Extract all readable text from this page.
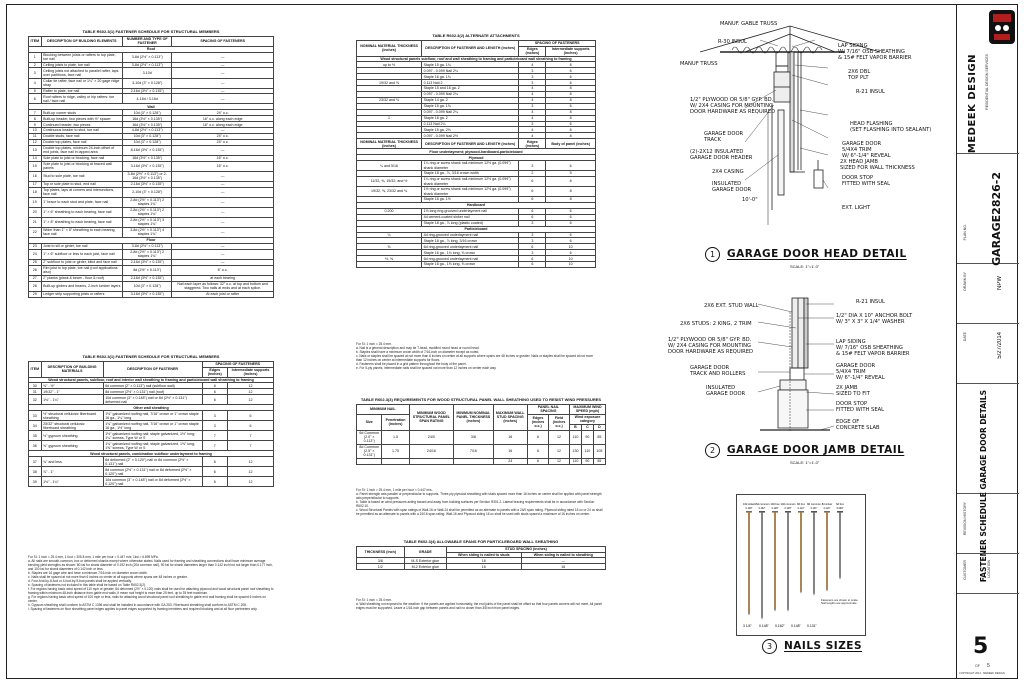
TABLE R602.3(1) FASTENER SCHEDULE FOR STRUCTURAL MEMBERS
ITEM	DESCRIPTION OF BUILDING ELEMENTS	NUMBER AND TYPE OF FASTENER	SPACING OF FASTENERS
Roof			
1	Blocking between joists or rafters to top plate, toe nail	3-8d (2½" × 0.113")	—
2	Ceiling joists to plate, toe nail	3-8d (2½" × 0.113")	—
3	Ceiling joists not attached to parallel rafter, laps over partitions, face nail	3-10d	—
4	Collar tie rafter, face nail or 1¼" × 20 gage ridge strap	3-10d (3" × 0.128")	—
5	Rafter to plate, toe nail	2-16d (3½" × 0.135")	—
6	Roof rafters to ridge, valley or hip rafters: toe nail / face nail	4-16d / 3-16d	—
Wall			
7	Built-up corner studs	10d (3" × 0.128")	24" o.c.
8	Built-up header, two pieces with ½" spacer	16d (3½" × 0.135")	16" o.c. along each edge
9	Continued header, two pieces	16d (3½" × 0.135")	16" o.c. along each edge
10	Continuous header to stud, toe nail	4-8d (2½" × 0.113")	—
11	Double studs, face nail	10d (3" × 0.128")	24" o.c.
12	Double top plates, face nail	10d (3" × 0.128")	24" o.c.
13	Double top plates, minimum 24-inch offset of end joints, face nail in lapped area	8-16d (3½" × 0.135")	—
14	Sole plate to joist or blocking, face nail	16d (3½" × 0.135")	16" o.c.
15	Sole plate to joist or blocking at braced wall panels	3-16d (3½" × 0.135")	16" o.c.
16	Stud to sole plate, toe nail	3-8d (2½" × 0.113") or 2-16d (3½" × 0.135")	—
17	Top or sole plate to stud, end nail	2-16d (3½" × 0.135")	—
18	Top plates, laps at corners and intersections, face nail	2-10d (3" × 0.128")	—
19	1" brace to each stud and plate, face nail	2-8d (2½" × 0.113") 2 staples 1¾"	—
20	1" × 6" sheathing to each bearing, face nail	2-8d (2½" × 0.113") 2 staples 1¾"	—
21	1" × 8" sheathing to each bearing, face nail	2-8d (2½" × 0.113") 3 staples 1¾"	—
22	Wider than 1" × 8" sheathing to each bearing, face nail	3-8d (2½" × 0.113") 4 staples 1¾"	—
Floor			
23	Joist to sill or girder, toe nail	3-8d (2½" × 0.113")	—
24	1" × 6" subfloor or less to each joist, face nail	2-8d (2½" × 0.113") 2 staples 1¾"	—
25	2" subfloor to joist or girder, blind and face nail	2-16d (3½" × 0.135")	—
26	Rim joist to top plate, toe nail (roof applications also)	8d (2½" × 0.113")	6" o.c.
27	2" planks (plank & beam - floor & roof)	2-16d (3½" × 0.135")	at each bearing
28	Built-up girders and beams, 2-inch lumber layers	10d (3" × 0.128")	Nail each layer as follows: 32" o.c. at top and bottom and staggered. Two nails at ends and at each splice.
29	Ledger strip supporting joists or rafters	3-16d (3½" × 0.135")	At each joist or rafter
TABLE R602.3(1) FASTENER SCHEDULE FOR STRUCTURAL MEMBERS
ITEM	DESCRIPTION OF BUILDING MATERIALS	DESCRIPTION OF FASTENER	SPACING OF FASTENERS	
			Edges (inches)	Intermediate supports (inches)
Wood structural panels, subfloor, roof and interior wall sheathing to framing and particleboard wall sheathing to framing				
30	⅜" - ½"	6d common (2" × 0.113") nail (subfloor wall)	6	12
31	19/32" - 1"	8d common (2½" × 0.131") nail (roof)	6	12
32	1⅛" - 1¼"	10d common (3" × 0.148") nail or 8d (2½" × 0.131") deformed nail	6	12
Other wall sheathing				
33	½" structural cellulosic fiberboard sheathing	1½" galvanized roofing nail, 7/16" crown or 1" crown staple 16 ga., 1¼" long	3	6
34	25/32" structural cellulosic fiberboard sheathing	1¾" galvanized roofing nail, 7/16" crown or 1" crown staple 16 ga., 1½" long	3	6
35	½" gypsum sheathing	1½" galvanized roofing nail; staple galvanized, 1½" long; 1¼" screws, Type W or S	7	7
36	⅝" gypsum sheathing	1¾" galvanized roofing nail; staple galvanized, 1⅝" long; 1⅝" screws, Type W or S	7	7
Wood structural panels, combination subfloor underlayment to framing				
37	¾" and less	6d deformed (2" × 0.120") nail or 8d common (2½" × 0.131") nail	6	12
38	⅞" - 1"	8d common (2½" × 0.131") nail or 8d deformed (2½" × 0.120") nail	6	12
39	1⅛" - 1¼"	10d common (3" × 0.148") nail or 8d deformed (2½" × 0.120") nail	6	12
For SI: 1 inch = 25.4 mm, 1 foot = 305.8 mm, 1 mile per hour = 0.447 m/s; 1ksi = 6.895 MPa.
a. All nails are smooth-common, box or deformed shanks except where otherwise stated. Nails used for framing and sheathing connections shall have minimum average bending yield strengths as shown: 80 ksi for shank diameter of 0.192 inch (20d common nail), 90 ksi for shank diameters larger than 0.142 inch but not larger than 0.177 inch, and 100 ksi for shank diameters of 0.142 inch or less.
b. Staples are 16 gage wire and have a minimum 7/16-inch on diameter crown width.
c. Nails shall be spaced at not more than 6 inches on center at all supports where spans are 48 inches or greater.
d. Four-foot-by-8-foot or 4-foot-by-9-foot panels shall be applied vertically.
e. Spacing of fasteners not included in this table shall be based on Table R602.3(2).
f. For regions having basic wind speed of 110 mph or greater, 8d deformed (2½" × 0.120) nails shall be used for attaching plywood and wood structural panel roof sheathing to framing within minimum 48-inch distance from gable end walls, if mean roof height is more than 25 feet, up to 35 feet maximum.
g. For regions having basic wind speed of 100 mph or less, nails for attaching wood structural panel roof sheathing to gable end wall framing shall be spaced 6 inches on center.
h. Gypsum sheathing shall conform to ASTM C 1396 and shall be installed in accordance with GA 253. Fiberboard sheathing shall conform to ASTM C 208.
i. Spacing of fasteners on floor sheathing panel edges applies to panel edges supported by framing members and required blocking and at all floor perimeters only.
TABLE R602.3(2) ALTERNATE ATTACHMENTS
NOMINAL MATERIAL THICKNESS (inches)	DESCRIPTION OF FASTENER AND LENGTH (inches)	SPACING OF FASTENERS	
		Edges (inches)	Intermediate supports (inches)
Wood structural panels subfloor, roof and wall sheathing to framing and particleboard wall sheathing to framing			
up to ½	Staple 15 ga. 1¾	4	8
	0.097 - 0.099 Nail 2¼	3	6
	Staple 16 ga. 1¾	3	6
19/32 and ⅝	0.113 Nail 2	3	6
	Staple 15 and 16 ga. 2	4	8
	0.097 - 0.099 Nail 2¼	4	8
23/32 and ¾	Staple 14 ga. 2	4	8
	Staple 15 ga. 1¾	3	6
	0.097 - 0.099 Nail 2¼	4	8
1	Staple 16 ga. 2	4	8
	0.113 Nail 2¼	3	6
	Staple 15 ga. 2⅛	4	8
	0.097 - 0.099 Nail 2½	4	8
NOMINAL MATERIAL THICKNESS (inches)	DESCRIPTION OF FASTENER AND LENGTH (inches)	Edges (inches)	Body of panel (inches)
Floor underlayment; plywood-hardboard-particleboard			
Plywood			
¼ and 5/16	1¼ ring or screw shank nail-minimum 12½ ga. (0.099") shank diameter	3	6
	Staple 18 ga., ⅞, 3/16 crown width	2	5
11/32, ⅜, 15/32, and ½	1¼ ring or screw shank nail-minimum 12½ ga. (0.099") shank diameter	6	8
19/32, ⅝, 23/32 and ¾	1½ ring or screw shank nail-minimum 12½ ga. (0.099") shank diameter	6	8
	Staple 16 ga. 1½	6	8
Hardboard			
0.200	1½ long ring-grooved underlayment nail	6	6
	4d cement-coated sinker nail	6	6
	Staple 18 ga., ⅞ long (plastic coated)	3	6
Particleboard			
¼	4d ring-grooved underlayment nail	3	6
	Staple 18 ga., ⅞ long, 3/16 crown	3	6
⅜	6d ring-grooved underlayment nail	6	10
	Staple 16 ga., 1⅛ long, ⅜ crown	3	6
½, ⅝	6d ring-grooved underlayment nail	6	10
	Staple 16 ga., 1⅝ long, ⅜ crown	6	10
For SI: 1 inch = 25.4 mm.
a. Nail is a general description and may be T-head, modified round head or round head.
b. Staples shall have a minimum crown width of 7/16-inch on diameter except as noted.
c. Nails or staples shall be spaced at not more than 6 inches on center at all supports where spans are 48 inches or greater. Nails or staples shall be spaced at not more than 12 inches on center at intermediate supports for floors.
d. Fasteners shall be placed in a grid pattern throughout the body of the panel.
e. For 5-ply panels, intermediate nails shall be spaced not more than 12 inches on center each way.
TABLE R602.3(3) REQUIREMENTS FOR WOOD STRUCTURAL PANEL WALL SHEATHING USED TO RESIST WIND PRESSURES
MINIMUM NAIL		MINIMUM WOOD STRUCTURAL PANEL SPAN RATING	MINIMUM NOMINAL PANEL THICKNESS (inches)	MAXIMUM WALL STUD SPACING (inches)	PANEL NAIL SPACING		MAXIMUM WIND SPEED (mph)		
Size	Penetration (inches)				Edges (inches o.c.)	Field (inches o.c.)	Wind exposure category		
							B	C	D
6d Common (2.0" × 0.113")	1.5	24/0	3/8	16	6	12	110	90	85
8d Common (2.5" × 0.131")	1.75	24/16	7/16	16	6	12	130	110	105
				24	6	12	110	90	85
For SI: 1 inch = 25.4 mm, 1 mile per hour = 0.447 m/s.
a. Panel strength axis parallel or perpendicular to supports. Three-ply plywood sheathing with studs spaced more than 16 inches on center shall be applied with panel strength axis perpendicular to supports.
b. Table is based on wind pressures acting toward and away from building surfaces per Section R301.2. Lateral bracing requirements shall be in accordance with Section R602.10.
c. Wood Structural Panels with span ratings of Wall-16 or Wall-24 shall be permitted as an alternate to panels with a 24/0 span rating. Plywood siding rated 16 oc or 24 oc shall be permitted as an alternate to panels with a 24/16 span rating. Wall-16 and Plywood siding 16 oc shall be used with studs spaced a maximum of 16 inches on center.
TABLE R602.3(4) ALLOWABLE SPANS FOR PARTICLEBOARD WALL SHEATHING
THICKNESS (inch)	GRADE	STUD SPACING (inches)	
		When siding is nailed to studs	When siding is nailed to sheathing
3/8	M-S Exterior glue	16	—
1/2	M-2 Exterior glue	16	16
For SI: 1 inch = 25.4 mm.
a. Wall sheathing not exposed to the weather. If the panels are applied horizontally, the end joints of the panel shall be offset so that four panels corners will not meet. All panel edges must be supported. Leave a 1/16-inch gap between panels and nail no closer than 3/8 inch from panel edges.
MANUF. GABLE TRUSS
R-30 INSUL
MANUF TRUSS
LAP SIDING
W/ 7/16" OSB SHEATHING
& 15# FELT VAPOR BARRIER
2X6 DBL
TOP PLT
R-21 INSUL
1/2" PLYWOOD OR 5/8" GYP. BD.
W/ 2X4 CASING FOR MOUNTING
DOOR HARDWARE AS REQUIRED
HEAD FLASHING
(SET FLASHING INTO SEALANT)
GARAGE DOOR
TRACK
GARAGE DOOR
5/4X4 TRIM
W/ 6"-1/4" REVEAL
(2)-2X12 INSULATED
GARAGE DOOR HEADER
2X HEAD JAMB
SIZED FOR WALL THICKNESS
2X4 CASING
DOOR STOP
FITTED WITH SEAL
INSULATED
GARAGE DOOR
EXT. LIGHT
10'-0"
1	GARAGE DOOR HEAD DETAIL
SCALE: 1"=1'-0"
2X6 EXT. STUD WALL
R-21 INSUL
2X6 STUDS: 2 KING, 2 TRIM
1/2" DIA X 10" ANCHOR BOLT
W/ 3" X 3" X 1/4" WASHER
1/2" PLYWOOD OR 5/8" GYP. BD.
W/ 2X4 CASING FOR MOUNTING
DOOR HARDWARE AS REQUIRED
LAP SIDING
W/ 7/16" OSB SHEATHING
& 15# FELT VAPOR BARRIER
GARAGE DOOR
5/4X4 TRIM
W/ 6"-1/4" REVEAL
GARAGE DOOR
TRACK AND ROLLERS
INSULATED
GARAGE DOOR
2X JAMB
SIZED TO FIT
DOOR STOP
FITTED WITH SEAL
EDGE OF
CONCRETE SLAB
2	GARAGE DOOR JAMB DETAIL
SCALE: 1"=1'-0"
16d sinker
0.148"
16d common
0.162"
10d box
0.128"
10d common
0.148"
8d box
0.113"
8d common
0.131"
8d sinker
0.113"
6d box
0.099"
3 1/4" 0.148" 0.162" 0.148" 0.131"
Fasteners are shown to scale.
Nail lengths are approximate.
3	NAILS SIZES
MEDEEK DESIGN RESIDENTIAL DESIGN SERVICES
GARAGE2826-2
PLAN NO.
DRAWN BY	NPW
DATE	5/27/2014
FASTENER SCHEDULE GARAGE DOOR DETAILS
REVISION HISTORY
CUSTOMER	LOCATION
5
OF 5
COPYRIGHT 2014 - MEDEEK DESIGN
